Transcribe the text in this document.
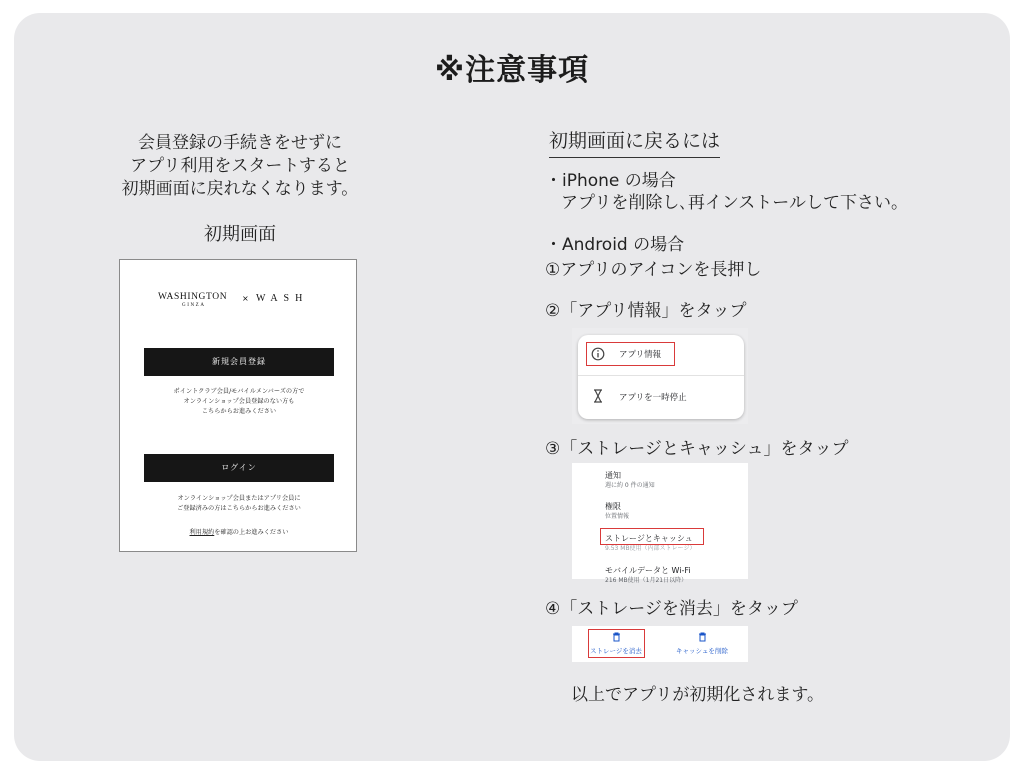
※注意事項
会員登録の手続きをせずに
アプリ利用をスタートすると
初期画面に戻れなくなります。
初期画面
WASHINGTON
GINZA
× WASH
新規会員登録
ポイントクラブ会員/モバイルメンバーズの方で
オンラインショップ会員登録のない方も
こちらからお進みください
ログイン
オンラインショップ会員またはアプリ会員に
ご登録済みの方はこちらからお進みください
利用規約を確認の上お進みください
初期画面に戻るには
・iPhone の場合
アプリを削除し､再インストールして下さい。
・Android の場合
①アプリのアイコンを長押し
②「アプリ情報」をタップ
アプリ情報
アプリを一時停止
③「ストレージとキャッシュ」をタップ
通知
週に約 0 件の通知
権限
位置情報
ストレージとキャッシュ
9.53 MB使用（内部ストレージ）
モバイルデータと Wi-Fi
216 MB使用（1月21日以降）
④「ストレージを消去」をタップ
ストレージを消去	キャッシュを削除
以上でアプリが初期化されます。
